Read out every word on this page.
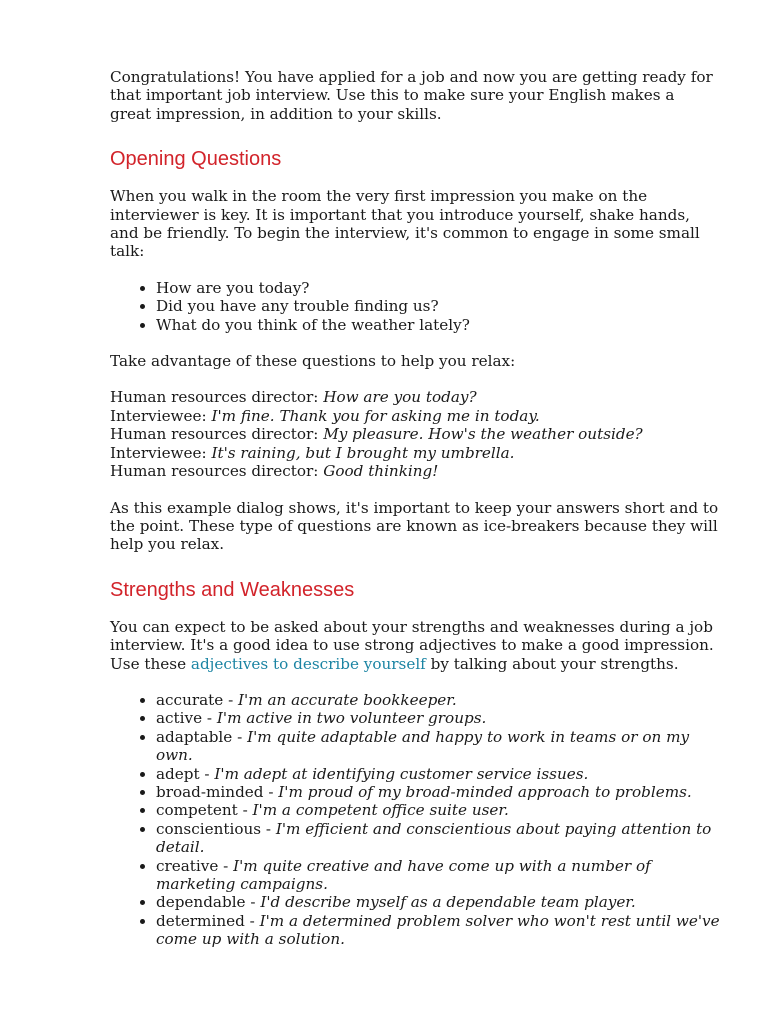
Congratulations! You have applied for a job and now you are getting ready for that important job interview. Use this to make sure your English makes a great impression, in addition to your skills.

Opening Questions

When you walk in the room the very first impression you make on the interviewer is key. It is important that you introduce yourself, shake hands, and be friendly. To begin the interview, it's common to engage in some small talk:

• How are you today?
• Did you have any trouble finding us?
• What do you think of the weather lately?

Take advantage of these questions to help you relax:

Human resources director: How are you today?
Interviewee: I'm fine. Thank you for asking me in today.
Human resources director: My pleasure. How's the weather outside?
Interviewee: It's raining, but I brought my umbrella.
Human resources director: Good thinking!

As this example dialog shows, it's important to keep your answers short and to the point. These type of questions are known as ice-breakers because they will help you relax.

Strengths and Weaknesses

You can expect to be asked about your strengths and weaknesses during a job interview. It's a good idea to use strong adjectives to make a good impression. Use these adjectives to describe yourself by talking about your strengths.

• accurate - I'm an accurate bookkeeper.
• active - I'm active in two volunteer groups.
• adaptable - I'm quite adaptable and happy to work in teams or on my own.
• adept - I'm adept at identifying customer service issues.
• broad-minded - I'm proud of my broad-minded approach to problems.
• competent - I'm a competent office suite user.
• conscientious - I'm efficient and conscientious about paying attention to detail.
• creative - I'm quite creative and have come up with a number of marketing campaigns.
• dependable - I'd describe myself as a dependable team player.
• determined - I'm a determined problem solver who won't rest until we've come up with a solution.
